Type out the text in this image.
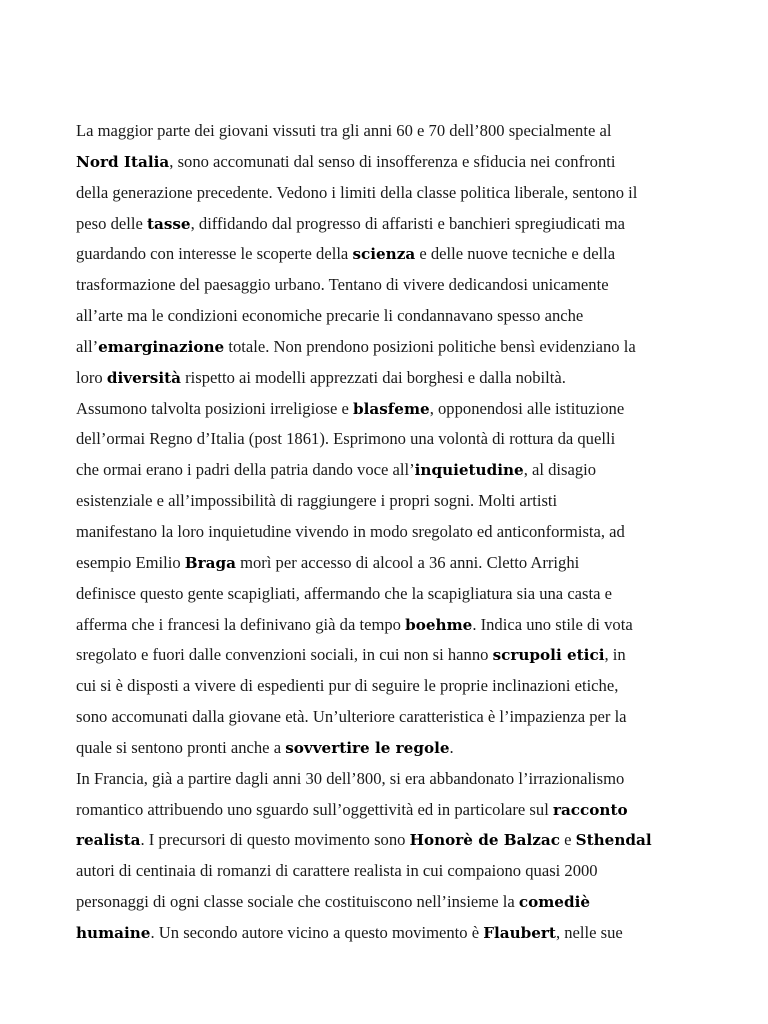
La maggior parte dei giovani vissuti tra gli anni 60 e 70 dell’800 specialmente al
Nord Italia, sono accomunati dal senso di insofferenza e sfiducia nei confronti
della generazione precedente. Vedono i limiti della classe politica liberale, sentono il
peso delle tasse, diffidando dal progresso di affaristi e banchieri spregiudicati ma
guardando con interesse le scoperte della scienza e delle nuove tecniche e della
trasformazione del paesaggio urbano. Tentano di vivere dedicandosi unicamente
all’arte ma le condizioni economiche precarie li condannavano spesso anche
all’emarginazione totale. Non prendono posizioni politiche bensì evidenziano la
loro diversità rispetto ai modelli apprezzati dai borghesi e dalla nobiltà.
Assumono talvolta posizioni irreligiose e blasfeme, opponendosi alle istituzione
dell’ormai Regno d’Italia (post 1861). Esprimono una volontà di rottura da quelli
che ormai erano i padri della patria dando voce all’inquietudine, al disagio
esistenziale e all’impossibilità di raggiungere i propri sogni. Molti artisti
manifestano la loro inquietudine vivendo in modo sregolato ed anticonformista, ad
esempio Emilio Braga morì per accesso di alcool a 36 anni. Cletto Arrighi
definisce questo gente scapigliati, affermando che la scapigliatura sia una casta e
afferma che i francesi la definivano già da tempo boehme. Indica uno stile di vota
sregolato e fuori dalle convenzioni sociali, in cui non si hanno scrupoli etici, in
cui si è disposti a vivere di espedienti pur di seguire le proprie inclinazioni etiche,
sono accomunati dalla giovane età. Un’ulteriore caratteristica è l’impazienza per la
quale si sentono pronti anche a sovvertire le regole.
In Francia, già a partire dagli anni 30 dell’800, si era abbandonato l’irrazionalismo
romantico attribuendo uno sguardo sull’oggettività ed in particolare sul racconto
realista. I precursori di questo movimento sono Honorè de Balzac e Sthendal
autori di centinaia di romanzi di carattere realista in cui compaiono quasi 2000
personaggi di ogni classe sociale che costituiscono nell’insieme la comediè
humaine. Un secondo autore vicino a questo movimento è Flaubert, nelle sue
